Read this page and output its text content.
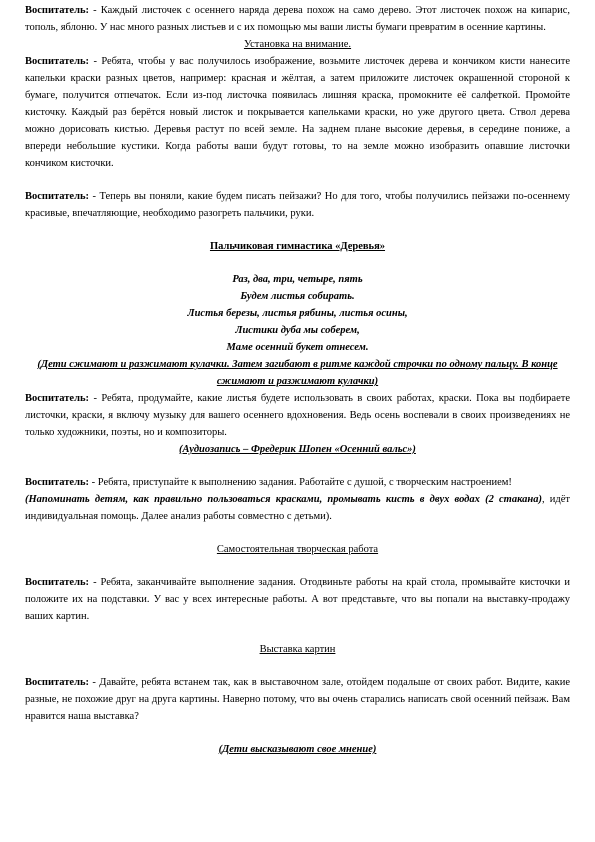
Воспитатель: - Каждый листочек с осеннего наряда дерева похож на само дерево. Этот листочек похож на кипарис, тополь, яблоню. У нас много разных листьев и с их помощью мы ваши листы бумаги превратим в осенние картины.

Установка на внимание.

Воспитатель: - Ребята, чтобы у вас получилось изображение, возьмите листочек дерева и кончиком кисти нанесите капельки краски разных цветов, например: красная и жёлтая, а затем приложите листочек окрашенной стороной к бумаге, получится отпечаток. Если из-под листочка появилась лишняя краска, промокните её салфеткой. Промойте кисточку. Каждый раз берётся новый листок и покрывается капельками краски, но уже другого цвета. Ствол дерева можно дорисовать кистью. Деревья растут по всей земле. На заднем плане высокие деревья, в середине пониже, а впереди небольшие кустики. Когда работы ваши будут готовы, то на земле можно изобразить опавшие листочки кончиком кисточки.

Воспитатель: - Теперь вы поняли, какие будем писать пейзажи? Но для того, чтобы получились пейзажи по-осеннему красивые, впечатляющие, необходимо разогреть пальчики, руки.

Пальчиковая гимнастика «Деревья»

Раз, два, три, четыре, пять

Будем листья собирать.

Листья березы, листья рябины, листья осины,

Листики дуба мы соберем,

Маме осенний букет отнесем.

(Дети сжимают и разжимают кулачки. Затем загибают в ритме каждой строчки по одному пальцу. В конце сжимают и разжимают кулачки)

Воспитатель: - Ребята, продумайте, какие листья будете использовать в своих работах, краски. Пока вы подбираете листочки, краски, я включу музыку для вашего осеннего вдохновения. Ведь осень воспевали в своих произведениях не только художники, поэты, но и композиторы.

(Аудиозапись – Фредерик Шопен «Осенний вальс»)

Воспитатель: - Ребята, приступайте к выполнению задания. Работайте с душой, с творческим настроением!

(Напоминать детям, как правильно пользоваться красками, промывать кисть в двух водах (2 стакана), идёт индивидуальная помощь. Далее анализ работы совместно с детьми).

Самостоятельная творческая работа

Воспитатель: - Ребята, заканчивайте выполнение задания. Отодвиньте работы на край стола, промывайте кисточки и положите их на подставки. У вас у всех интересные работы. А вот представьте, что вы попали на выставку-продажу ваших картин.

Выставка картин

Воспитатель: - Давайте, ребята встанем так, как в выставочном зале, отойдем подальше от своих работ. Видите, какие разные, не похожие друг на друга картины. Наверно потому, что вы очень старались написать свой осенний пейзаж. Вам нравится наша выставка?

(Дети высказывают свое мнение)
